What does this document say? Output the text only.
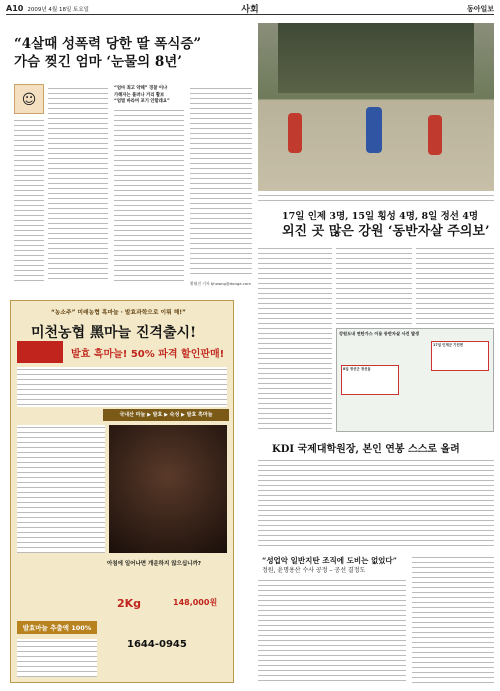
A10 2009년 4월 18일 토요일	사회	동아일보
“4살때 성폭력 당한 딸 폭식증”
가슴 찢긴 엄마 ‘눈물의 8년’
☺
“엄마 죄고 약해” 경찰 이냐
가해자는 풀려나 거리 활보
“엄벌 바라며 포기 안할래요”
황태진 기자 tjhwang@donga.com
“농소주” 미래농협 흑마늘 · 발효과학으로 이뤄 해!”
미천농협 黑마늘 진격출시!
발효 흑마늘! 50% 파격 할인판매!
국내산 마늘 ▶ 발효 ▶ 숙성 ▶ 발효 흑마늘
아침에 일어나면 개운하지 않으십니까?
2Kg	148,000원
1644-0945
발효마늘 추출액 100%
17일 인제 3명, 15일 횡성 4명, 8일 정선 4명
외진 곳 많은 강원 ‘동반자살 주의보’
강원도내 연탄가스 이용 동반자살 사건 발생
8일 정선군 정선읍
17일 인제군 기린면
KDI 국제대학원장, 본인 연봉 스스로 올려
“성업악 일반지탄 조직에 도비는 없었다”
정원, 윤명용산 수사 공정 – 공선 결정도
